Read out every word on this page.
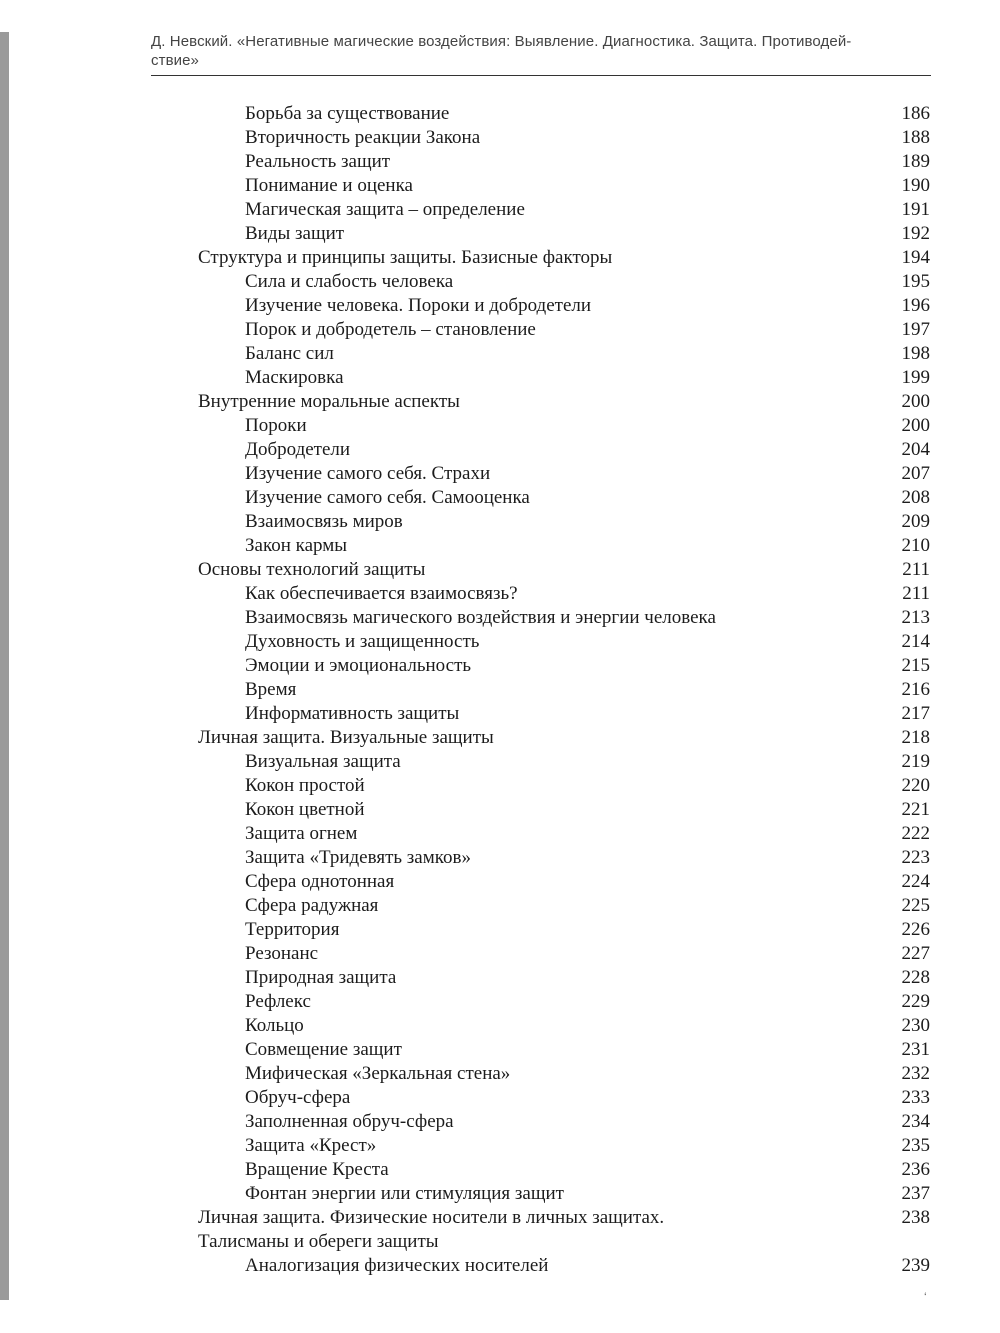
Д. Невский. «Негативные магические воздействия: Выявление. Диагностика. Защита. Противодей-
ствие»
Борьба за существование	186
Вторичность реакции Закона	188
Реальность защит	189
Понимание и оценка	190
Магическая защита – определение	191
Виды защит	192
Структура и принципы защиты. Базисные факторы	194
Сила и слабость человека	195
Изучение человека. Пороки и добродетели	196
Порок и добродетель – становление	197
Баланс сил	198
Маскировка	199
Внутренние моральные аспекты	200
Пороки	200
Добродетели	204
Изучение самого себя. Страхи	207
Изучение самого себя. Самооценка	208
Взаимосвязь миров	209
Закон кармы	210
Основы технологий защиты	211
Как обеспечивается взаимосвязь?	211
Взаимосвязь магического воздействия и энергии человека	213
Духовность и защищенность	214
Эмоции и эмоциональность	215
Время	216
Информативность защиты	217
Личная защита. Визуальные защиты	218
Визуальная защита	219
Кокон простой	220
Кокон цветной	221
Защита огнем	222
Защита «Тридевять замков»	223
Сфера однотонная	224
Сфера радужная	225
Территория	226
Резонанс	227
Природная защита	228
Рефлекс	229
Кольцо	230
Совмещение защит	231
Мифическая «Зеркальная стена»	232
Обруч-сфера	233
Заполненная обруч-сфера	234
Защита «Крест»	235
Вращение Креста	236
Фонтан энергии или стимуляция защит	237
Личная защита. Физические носители в личных защитах.	238
Талисманы и обереги защиты
Аналогизация физических носителей	239
‘
